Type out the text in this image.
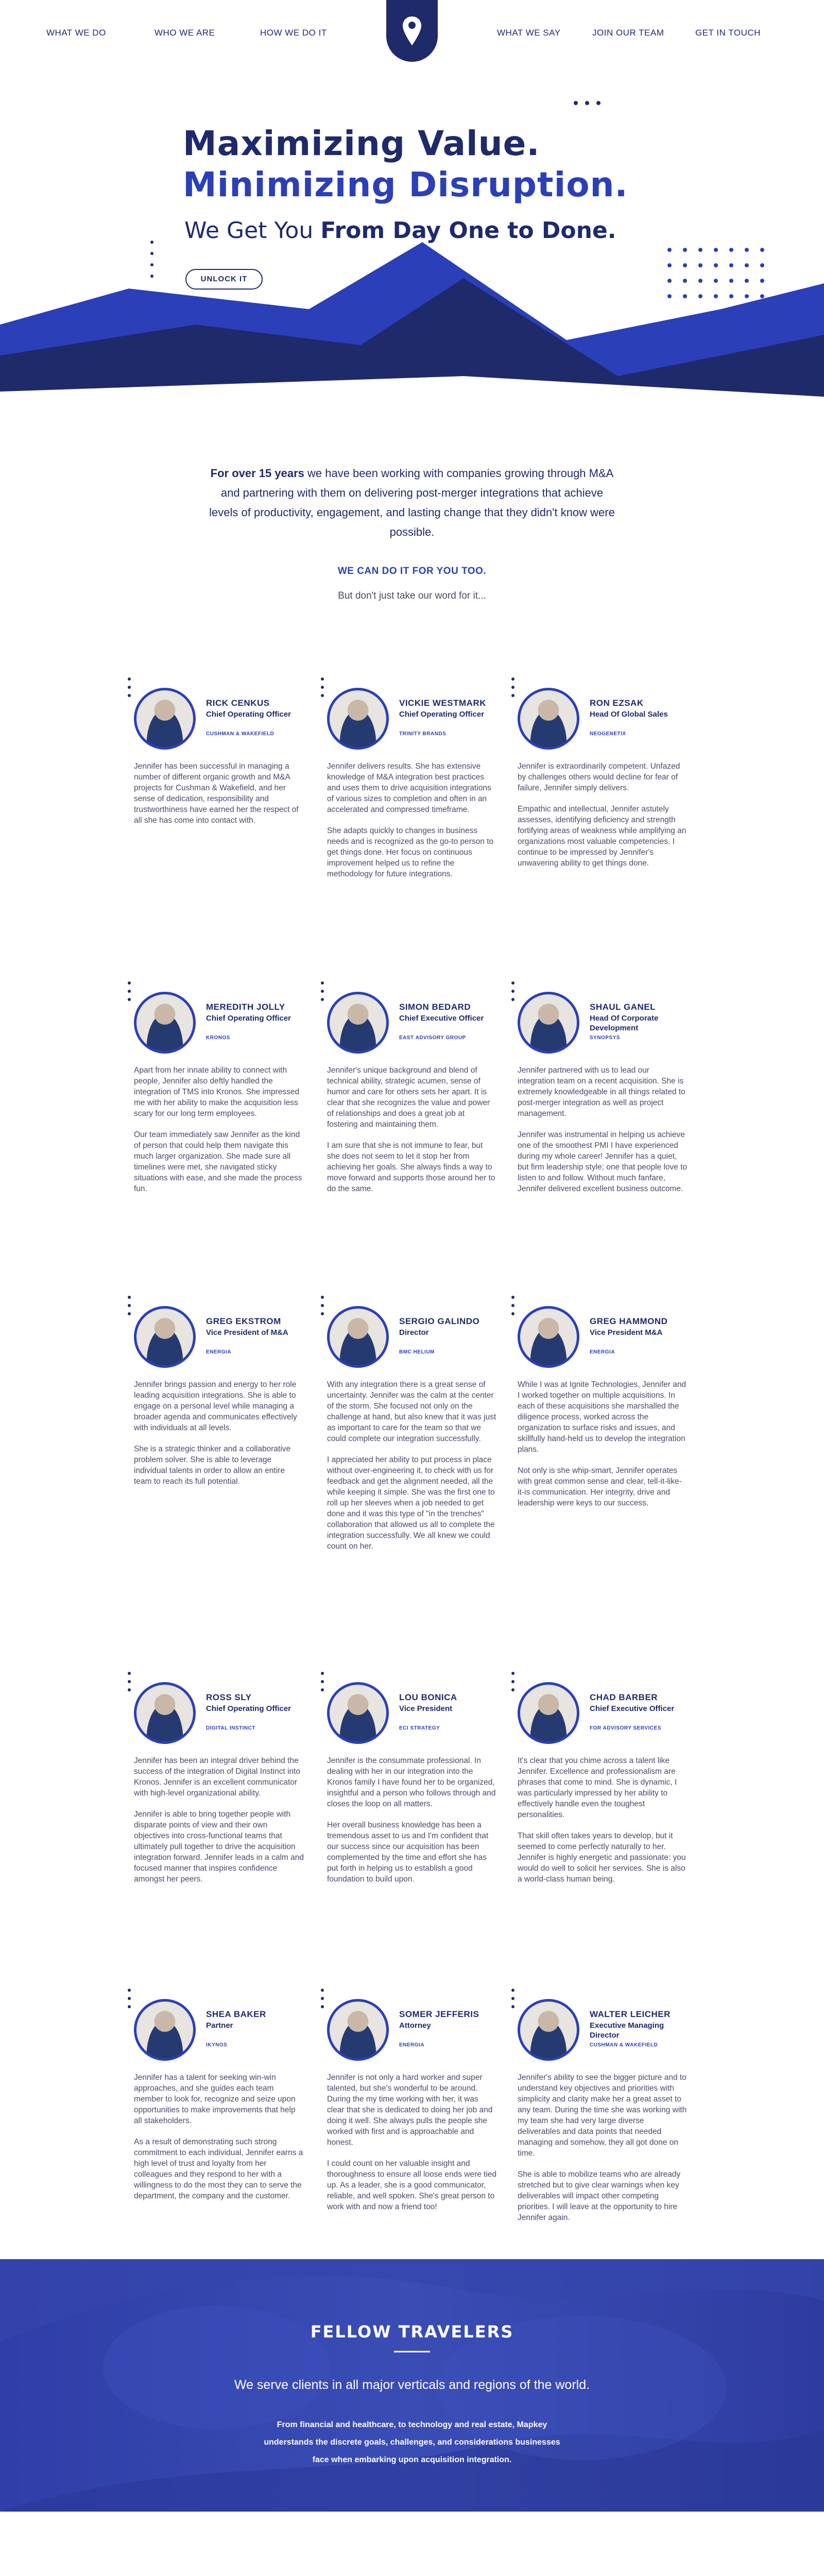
WHAT WE DO	WHO WE ARE	HOW WE DO IT	WHAT WE SAY	JOIN OUR TEAM	GET IN TOUCH
Maximizing Value.
Minimizing Disruption.
We Get You From Day One to Done.
UNLOCK IT

For over 15 years we have been working with companies growing through M&A and partnering with them on delivering post-merger integrations that achieve levels of productivity, engagement, and lasting change that they didn't know were possible.

WE CAN DO IT FOR YOU TOO.

But don't just take our word for it...

RICK CENKUS
Chief Operating Officer
CUSHMAN & WAKEFIELD

Jennifer has been successful in managing a number of different organic growth and M&A projects for Cushman & Wakefield, and her sense of dedication, responsibility and trustworthiness have earned her the respect of all she has come into contact with.

VICKIE WESTMARK
Chief Operating Officer
TRINITY BRANDS

Jennifer delivers results. She has extensive knowledge of M&A integration best practices and uses them to drive acquisition integrations of various sizes to completion and often in an accelerated and compressed timeframe.

She adapts quickly to changes in business needs and is recognized as the go-to person to get things done. Her focus on continuous improvement helped us to refine the methodology for future integrations.

RON EZSAK
Head Of Global Sales
NEOGENETIX

Jennifer is extraordinarily competent. Unfazed by challenges others would decline for fear of failure, Jennifer simply delivers.

Empathic and intellectual, Jennifer astutely assesses, identifying deficiency and strength fortifying areas of weakness while amplifying an organizations most valuable competencies. I continue to be impressed by Jennifer's unwavering ability to get things done.

MEREDITH JOLLY
Chief Operating Officer
KRONOS

Apart from her innate ability to connect with people, Jennifer also deftly handled the integration of TMS into Kronos. She impressed me with her ability to make the acquisition less scary for our long term employees.

Our team immediately saw Jennifer as the kind of person that could help them navigate this much larger organization. She made sure all timelines were met, she navigated sticky situations with ease, and she made the process fun.

SIMON BEDARD
Chief Executive Officer
EAST ADVISORY GROUP

Jennifer's unique background and blend of technical ability, strategic acumen, sense of humor and care for others sets her apart. It is clear that she recognizes the value and power of relationships and does a great job at fostering and maintaining them.

I am sure that she is not immune to fear, but she does not seem to let it stop her from achieving her goals. She always finds a way to move forward and supports those around her to do the same.

SHAUL GANEL
Head Of Corporate Development
SYNOPSYS

Jennifer partnered with us to lead our integration team on a recent acquisition. She is extremely knowledgeable in all things related to post-merger integration as well as project management.

Jennifer was instrumental in helping us achieve one of the smoothest PMI I have experienced during my whole career! Jennifer has a quiet, but firm leadership style; one that people love to listen to and follow. Without much fanfare, Jennifer delivered excellent business outcome.

GREG EKSTROM
Vice President of M&A
ENERGIA

Jennifer brings passion and energy to her role leading acquisition integrations. She is able to engage on a personal level while managing a broader agenda and communicates effectively with individuals at all levels.

She is a strategic thinker and a collaborative problem solver. She is able to leverage individual talents in order to allow an entire team to reach its full potential.

SERGIO GALINDO
Director
BMC HELIUM

With any integration there is a great sense of uncertainty. Jennifer was the calm at the center of the storm. She focused not only on the challenge at hand, but also knew that it was just as important to care for the team so that we could complete our integration successfully.

I appreciated her ability to put process in place without over-engineering it, to check with us for feedback and get the alignment needed, all the while keeping it simple. She was the first one to roll up her sleeves when a job needed to get done and it was this type of "in the trenches" collaboration that allowed us all to complete the integration successfully. We all knew we could count on her.

GREG HAMMOND
Vice President M&A
ENERGIA

While I was at Ignite Technologies, Jennifer and I worked together on multiple acquisitions. In each of these acquisitions she marshalled the diligence process, worked across the organization to surface risks and issues, and skillfully hand-held us to develop the integration plans.

Not only is she whip-smart, Jennifer operates with great common sense and clear, tell-it-like-it-is communication. Her integrity, drive and leadership were keys to our success.

ROSS SLY
Chief Operating Officer
DIGITAL INSTINCT

Jennifer has been an integral driver behind the success of the integration of Digital Instinct into Kronos. Jennifer is an excellent communicator with high-level organizational ability.

Jennifer is able to bring together people with disparate points of view and their own objectives into cross-functional teams that ultimately pull together to drive the acquisition integration forward. Jennifer leads in a calm and focused manner that inspires confidence amongst her peers.

LOU BONICA
Vice President
ECI STRATEGY

Jennifer is the consummate professional. In dealing with her in our integration into the Kronos family I have found her to be organized, insightful and a person who follows through and closes the loop on all matters.

Her overall business knowledge has been a tremendous asset to us and I'm confident that our success since our acquisition has been complemented by the time and effort she has put forth in helping us to establish a good foundation to build upon.

CHAD BARBER
Chief Executive Officer
FOR ADVISORY SERVICES

It's clear that you chime across a talent like Jennifer. Excellence and professionalism are phrases that come to mind. She is dynamic, I was particularly impressed by her ability to effectively handle even the toughest personalities.

That skill often takes years to develop, but it seemed to come perfectly naturally to her. Jennifer is highly energetic and passionate: you would do well to solicit her services. She is also a world-class human being.

SHEA BAKER
Partner
IKYNOS

Jennifer has a talent for seeking win-win approaches, and she guides each team member to look for, recognize and seize upon opportunities to make improvements that help all stakeholders.

As a result of demonstrating such strong commitment to each individual, Jennifer earns a high level of trust and loyalty from her colleagues and they respond to her with a willingness to do the most they can to serve the department, the company and the customer.

SOMER JEFFERIS
Attorney
ENERGIA

Jennifer is not only a hard worker and super talented, but she's wonderful to be around. During the my time working with her, it was clear that she is dedicated to doing her job and doing it well. She always pulls the people she worked with first and is approachable and honest.

I could count on her valuable insight and thoroughness to ensure all loose ends were tied up. As a leader, she is a good communicator, reliable, and well spoken. She's great person to work with and now a friend too!

WALTER LEICHER
Executive Managing Director
CUSHMAN & WAKEFIELD

Jennifer's ability to see the bigger picture and to understand key objectives and priorities with simplicity and clarity make her a great asset to any team. During the time she was working with my team she had very large diverse deliverables and data points that needed managing and somehow, they all got done on time.

She is able to mobilize teams who are already stretched but to give clear warnings when key deliverables will impact other competing priorities. I will leave at the opportunity to hire Jennifer again.

FELLOW TRAVELERS

We serve clients in all major verticals and regions of the world.

From financial and healthcare, to technology and real estate, Mapkey understands the discrete goals, challenges, and considerations businesses face when embarking upon acquisition integration.
